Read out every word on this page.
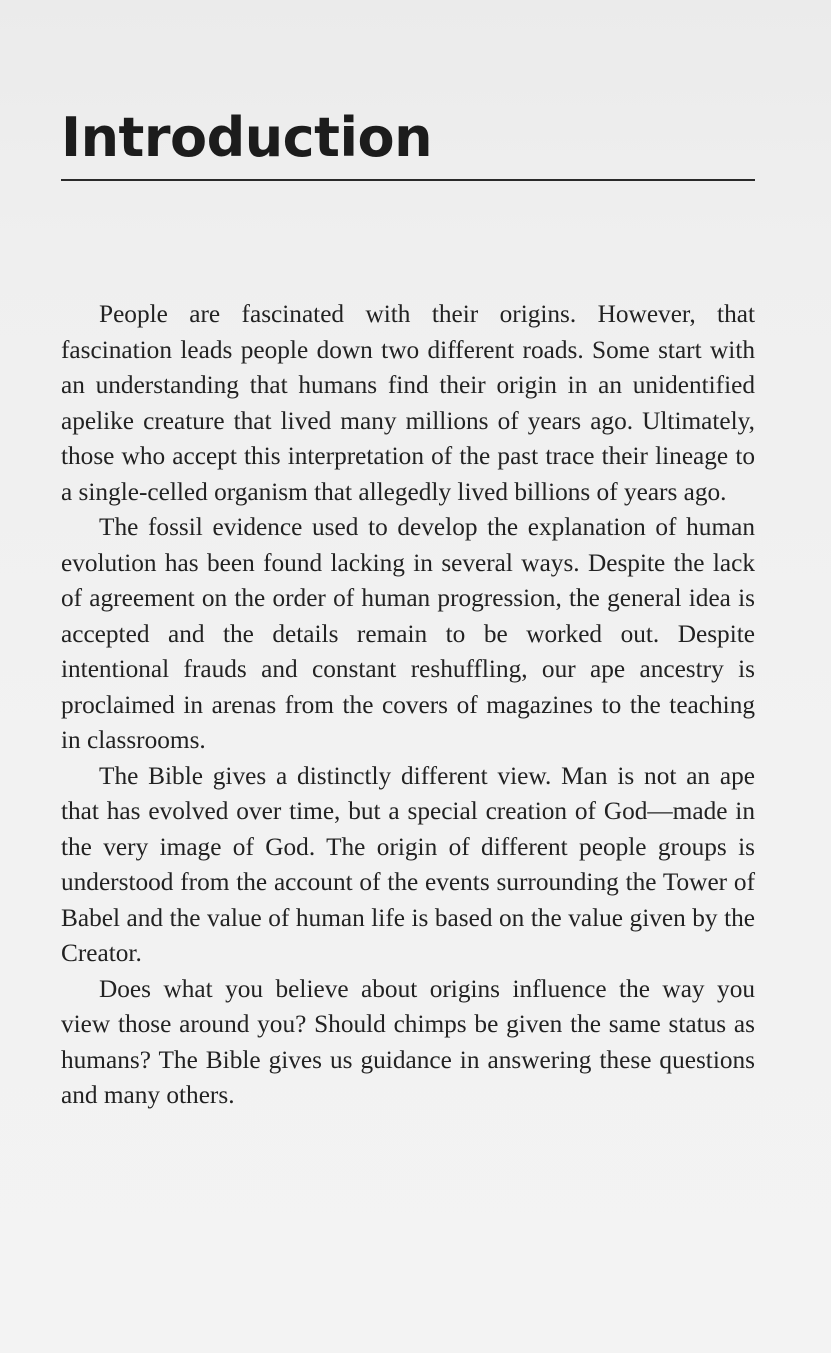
Introduction

People are fascinated with their origins. However, that fascination leads people down two different roads. Some start with an understanding that humans find their origin in an unidentified apelike creature that lived many millions of years ago. Ultimately, those who accept this interpretation of the past trace their lineage to a single-celled organism that allegedly lived billions of years ago.

The fossil evidence used to develop the explanation of human evolution has been found lacking in several ways. Despite the lack of agreement on the order of human progression, the general idea is accepted and the details remain to be worked out. Despite intentional frauds and constant reshuffling, our ape ancestry is proclaimed in arenas from the covers of magazines to the teaching in classrooms.

The Bible gives a distinctly different view. Man is not an ape that has evolved over time, but a special creation of God—made in the very image of God. The origin of different people groups is understood from the account of the events surrounding the Tower of Babel and the value of human life is based on the value given by the Creator.

Does what you believe about origins influence the way you view those around you? Should chimps be given the same status as humans? The Bible gives us guidance in answering these questions and many others.
